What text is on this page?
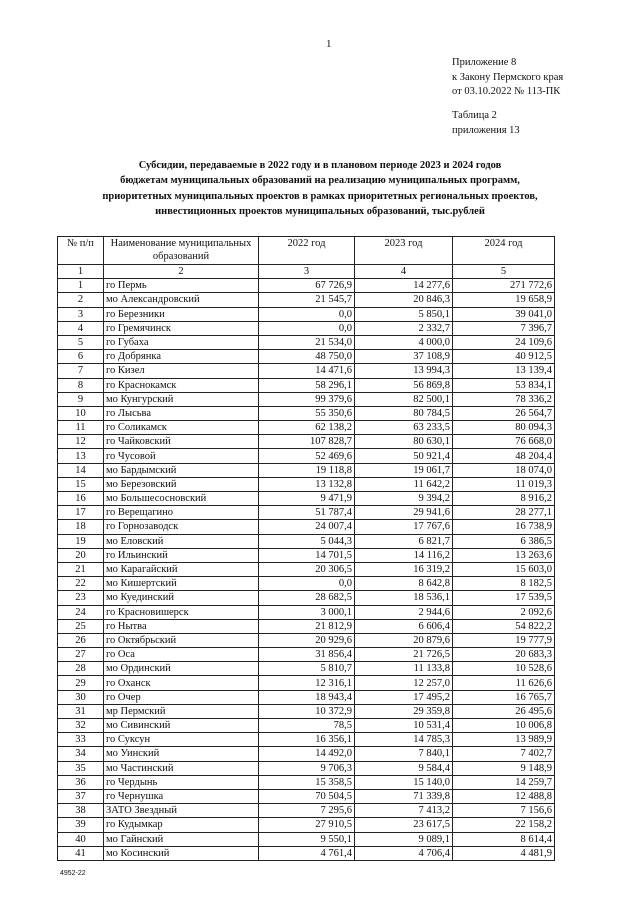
1
Приложение 8
к Закону Пермского края
от 03.10.2022 № 113-ПК
Таблица 2
приложения 13
Субсидии, передаваемые в 2022 году и в плановом периоде 2023 и 2024 годов
бюджетам муниципальных образований на реализацию муниципальных программ,
приоритетных муниципальных проектов в рамках приоритетных региональных проектов,
инвестиционных проектов муниципальных образований, тыс.рублей
№ п/п	Наименование муниципальных образований	2022 год	2023 год	2024 год
1	2	3	4	5
1	го Пермь	67 726,9	14 277,6	271 772,6
2	мо Александровский	21 545,7	20 846,3	19 658,9
3	го Березники	0,0	5 850,1	39 041,0
4	го Гремячинск	0,0	2 332,7	7 396,7
5	го Губаха	21 534,0	4 000,0	24 109,6
6	го Добрянка	48 750,0	37 108,9	40 912,5
7	го Кизел	14 471,6	13 994,3	13 139,4
8	го Краснокамск	58 296,1	56 869,8	53 834,1
9	мо Кунгурский	99 379,6	82 500,1	78 336,2
10	го Лысьва	55 350,6	80 784,5	26 564,7
11	го Соликамск	62 138,2	63 233,5	80 094,3
12	го Чайковский	107 828,7	80 630,1	76 668,0
13	го Чусовой	52 469,6	50 921,4	48 204,4
14	мо Бардымский	19 118,8	19 061,7	18 074,0
15	мо Березовский	13 132,8	11 642,2	11 019,3
16	мо Большесосновский	9 471,9	9 394,2	8 916,2
17	го Верещагино	51 787,4	29 941,6	28 277,1
18	го Горнозаводск	24 007,4	17 767,6	16 738,9
19	мо Еловский	5 044,3	6 821,7	6 386,5
20	го Ильинский	14 701,5	14 116,2	13 263,6
21	мо Карагайский	20 306,5	16 319,2	15 603,0
22	мо Кишертский	0,0	8 642,8	8 182,5
23	мо Куединский	28 682,5	18 536,1	17 539,5
24	го Красновишерск	3 000,1	2 944,6	2 092,6
25	го Нытва	21 812,9	6 606,4	54 822,2
26	го Октябрьский	20 929,6	20 879,6	19 777,9
27	го Оса	31 856,4	21 726,5	20 683,3
28	мо Ординский	5 810,7	11 133,8	10 528,6
29	го Оханск	12 316,1	12 257,0	11 626,6
30	го Очер	18 943,4	17 495,2	16 765,7
31	мр Пермский	10 372,9	29 359,8	26 495,6
32	мо Сивинский	78,5	10 531,4	10 006,8
33	го Суксун	16 356,1	14 785,3	13 989,9
34	мо Уинский	14 492,0	7 840,1	7 402,7
35	мо Частинский	9 706,3	9 584,4	9 148,9
36	го Чердынь	15 358,5	15 140,0	14 259,7
37	го Чернушка	70 504,5	71 339,8	12 488,8
38	ЗАТО Звездный	7 295,6	7 413,2	7 156,6
39	го Кудымкар	27 910,5	23 617,5	22 158,2
40	мо Гайнский	9 550,1	9 089,1	8 614,4
41	мо Косинский	4 761,4	4 706,4	4 481,9
4952-22
